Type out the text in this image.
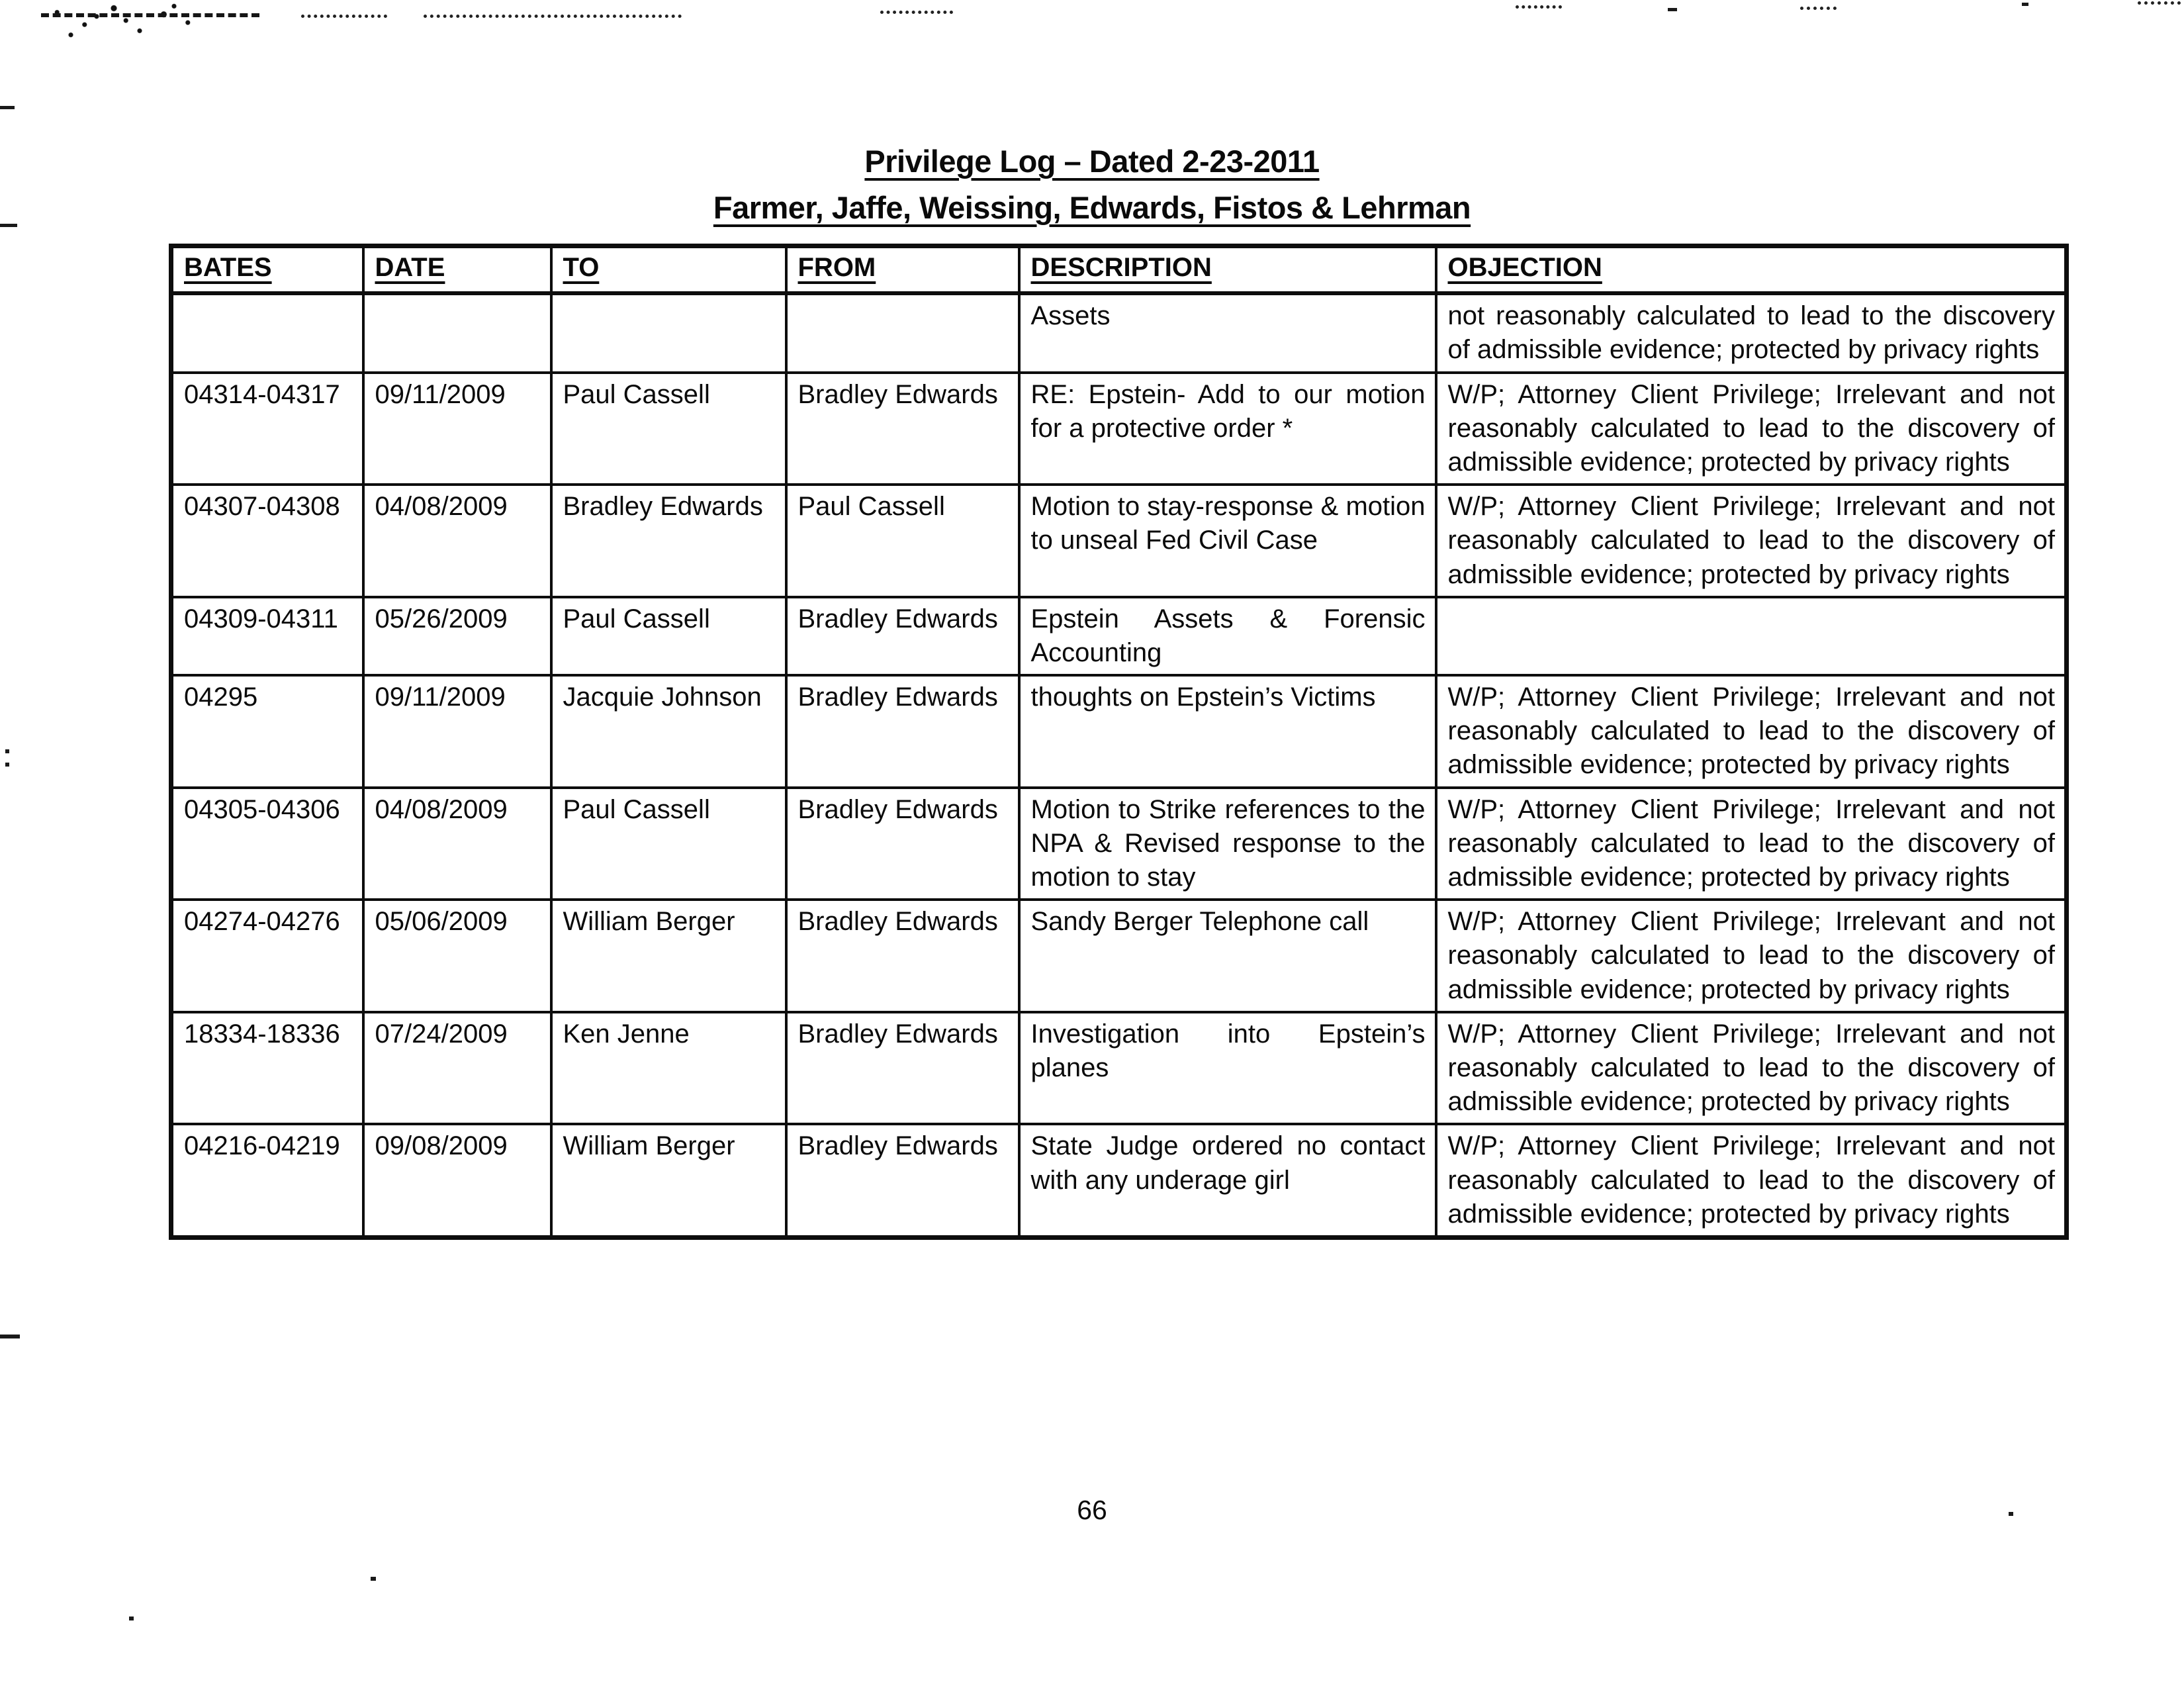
Privilege Log – Dated 2-23-2011

Farmer, Jaffe, Weissing, Edwards, Fistos & Lehrman

BATES	DATE	TO	FROM	DESCRIPTION	OBJECTION
				Assets	not reasonably calculated to lead to the discovery of admissible evidence; protected by privacy rights
04314-04317	09/11/2009	Paul Cassell	Bradley Edwards	RE: Epstein- Add to our motion for a protective order *	W/P; Attorney Client Privilege; Irrelevant and not reasonably calculated to lead to the discovery of admissible evidence; protected by privacy rights
04307-04308	04/08/2009	Bradley Edwards	Paul Cassell	Motion to stay-response & motion to unseal Fed Civil Case	W/P; Attorney Client Privilege; Irrelevant and not reasonably calculated to lead to the discovery of admissible evidence; protected by privacy rights
04309-04311	05/26/2009	Paul Cassell	Bradley Edwards	Epstein Assets & Forensic Accounting	
04295	09/11/2009	Jacquie Johnson	Bradley Edwards	thoughts on Epstein’s Victims	W/P; Attorney Client Privilege; Irrelevant and not reasonably calculated to lead to the discovery of admissible evidence; protected by privacy rights
04305-04306	04/08/2009	Paul Cassell	Bradley Edwards	Motion to Strike references to the NPA & Revised response to the motion to stay	W/P; Attorney Client Privilege; Irrelevant and not reasonably calculated to lead to the discovery of admissible evidence; protected by privacy rights
04274-04276	05/06/2009	William Berger	Bradley Edwards	Sandy Berger Telephone call	W/P; Attorney Client Privilege; Irrelevant and not reasonably calculated to lead to the discovery of admissible evidence; protected by privacy rights
18334-18336	07/24/2009	Ken Jenne	Bradley Edwards	Investigation into Epstein’s planes	W/P; Attorney Client Privilege; Irrelevant and not reasonably calculated to lead to the discovery of admissible evidence; protected by privacy rights
04216-04219	09/08/2009	William Berger	Bradley Edwards	State Judge ordered no contact with any underage girl	W/P; Attorney Client Privilege; Irrelevant and not reasonably calculated to lead to the discovery of admissible evidence; protected by privacy rights
66
